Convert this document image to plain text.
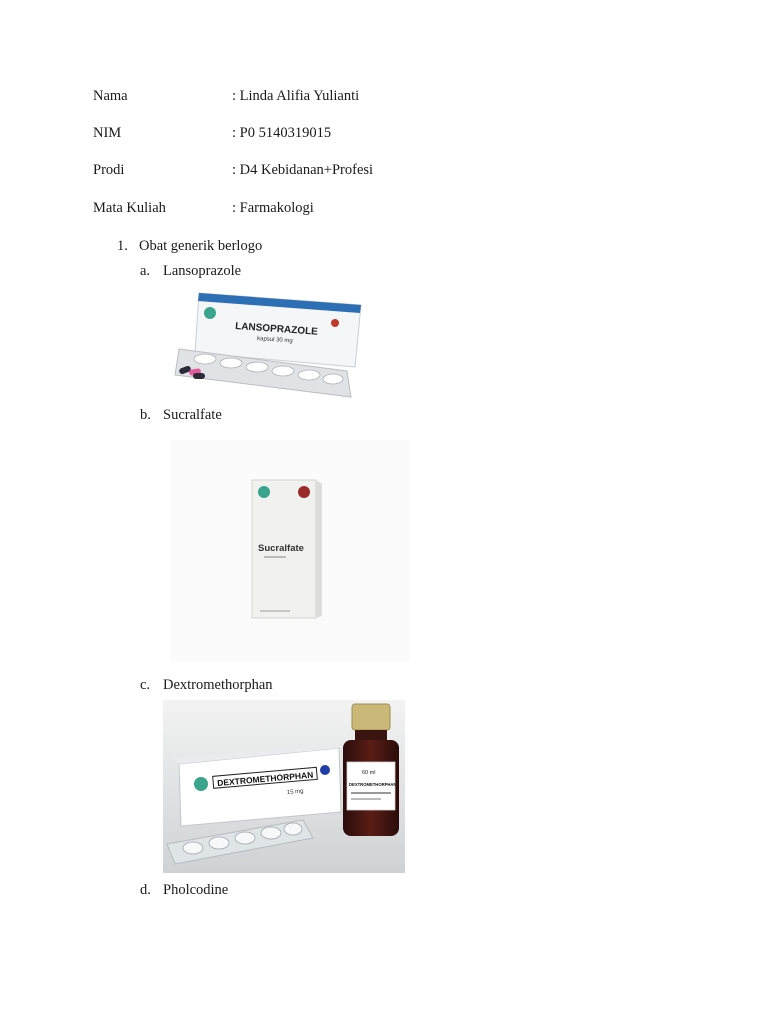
Nama	: Linda Alifia Yulianti
NIM	: P0 5140319015
Prodi	: D4 Kebidanan+Profesi
Mata Kuliah	: Farmakologi
1. Obat generik berlogo
a. Lansoprazole
LANSOPRAZOLE
kapsul 30 mg
b. Sucralfate
Sucralfate
c. Dextromethorphan
DEXTROMETHORPHAN
15 mg
60 ml
DEXTROMETHORPHAN
d. Pholcodine
